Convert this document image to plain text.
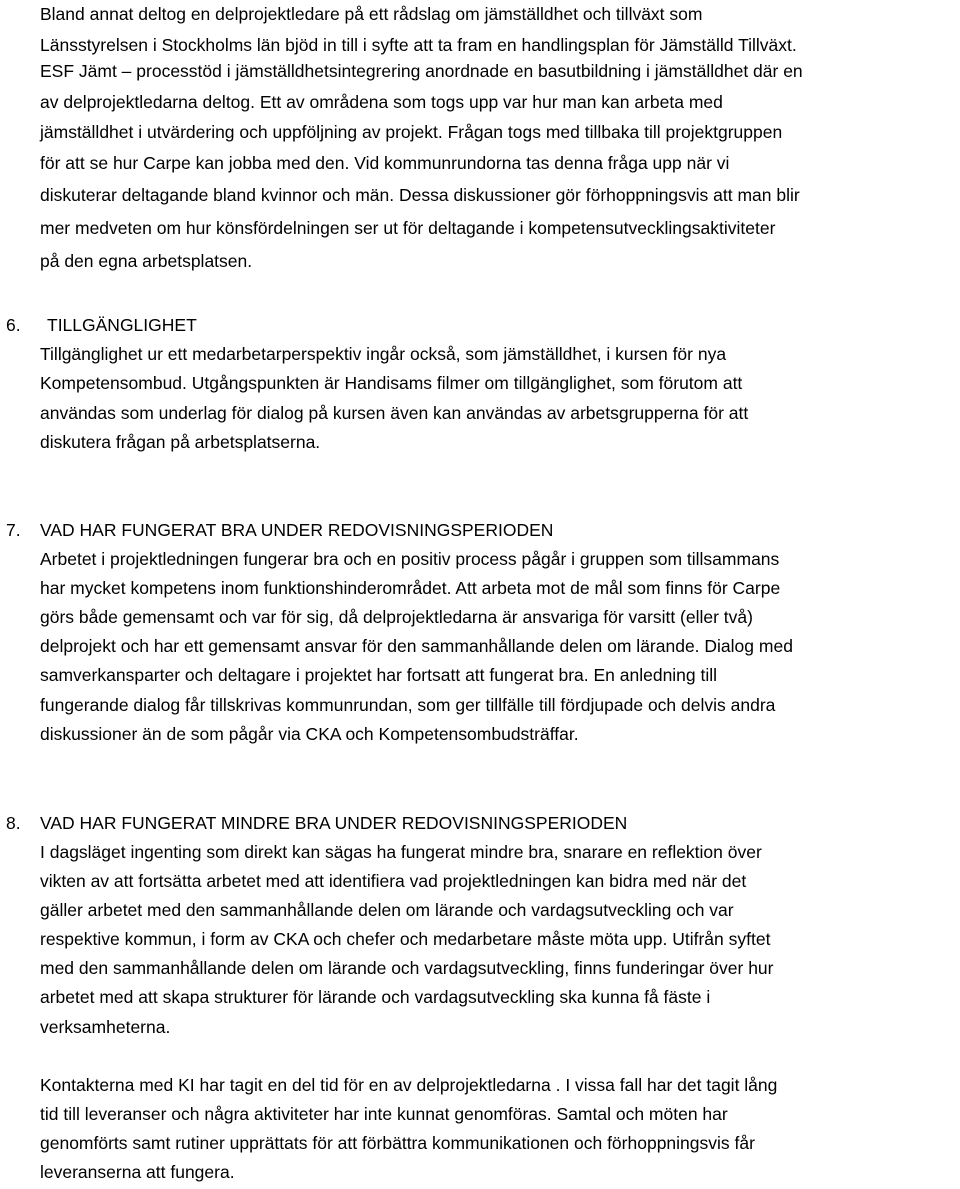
Bland annat deltog en delprojektledare på ett rådslag om jämställdhet och tillväxt som
Länsstyrelsen i Stockholms län bjöd in till i syfte att ta fram en handlingsplan för Jämställd Tillväxt.
ESF Jämt – processtöd i jämställdhetsintegrering anordnade en basutbildning i jämställdhet där en
av delprojektledarna deltog. Ett av områdena som togs upp var hur man kan arbeta med
jämställdhet i utvärdering och uppföljning av projekt. Frågan togs med tillbaka till projektgruppen
för att se hur Carpe kan jobba med den. Vid kommunrundorna tas denna fråga upp när vi
diskuterar deltagande bland kvinnor och män. Dessa diskussioner gör förhoppningsvis att man blir
mer medveten om hur könsfördelningen ser ut för deltagande i kompetensutvecklingsaktiviteter
på den egna arbetsplatsen.
6. TILLGÄNGLIGHET
Tillgänglighet ur ett medarbetarperspektiv ingår också, som jämställdhet, i kursen för nya
Kompetensombud. Utgångspunkten är Handisams filmer om tillgänglighet, som förutom att
användas som underlag för dialog på kursen även kan användas av arbetsgrupperna för att
diskutera frågan på arbetsplatserna.
7. VAD HAR FUNGERAT BRA UNDER REDOVISNINGSPERIODEN
Arbetet i projektledningen fungerar bra och en positiv process pågår i gruppen som tillsammans
har mycket kompetens inom funktionshinderområdet. Att arbeta mot de mål som finns för Carpe
görs både gemensamt och var för sig, då delprojektledarna är ansvariga för varsitt (eller två)
delprojekt och har ett gemensamt ansvar för den sammanhållande delen om lärande. Dialog med
samverkansparter och deltagare i projektet har fortsatt att fungerat bra. En anledning till
fungerande dialog får tillskrivas kommunrundan, som ger tillfälle till fördjupade och delvis andra
diskussioner än de som pågår via CKA och Kompetensombudsträffar.
8. VAD HAR FUNGERAT MINDRE BRA UNDER REDOVISNINGSPERIODEN
I dagsläget ingenting som direkt kan sägas ha fungerat mindre bra, snarare en reflektion över
vikten av att fortsätta arbetet med att identifiera vad projektledningen kan bidra med när det
gäller arbetet med den sammanhållande delen om lärande och vardagsutveckling och var
respektive kommun, i form av CKA och chefer och medarbetare måste möta upp. Utifrån syftet
med den sammanhållande delen om lärande och vardagsutveckling, finns funderingar över hur
arbetet med att skapa strukturer för lärande och vardagsutveckling ska kunna få fäste i
verksamheterna.
Kontakterna med KI har tagit en del tid för en av delprojektledarna . I vissa fall har det tagit lång
tid till leveranser och några aktiviteter har inte kunnat genomföras. Samtal och möten har
genomförts samt rutiner upprättats för att förbättra kommunikationen och förhoppningsvis får
leveranserna att fungera.
